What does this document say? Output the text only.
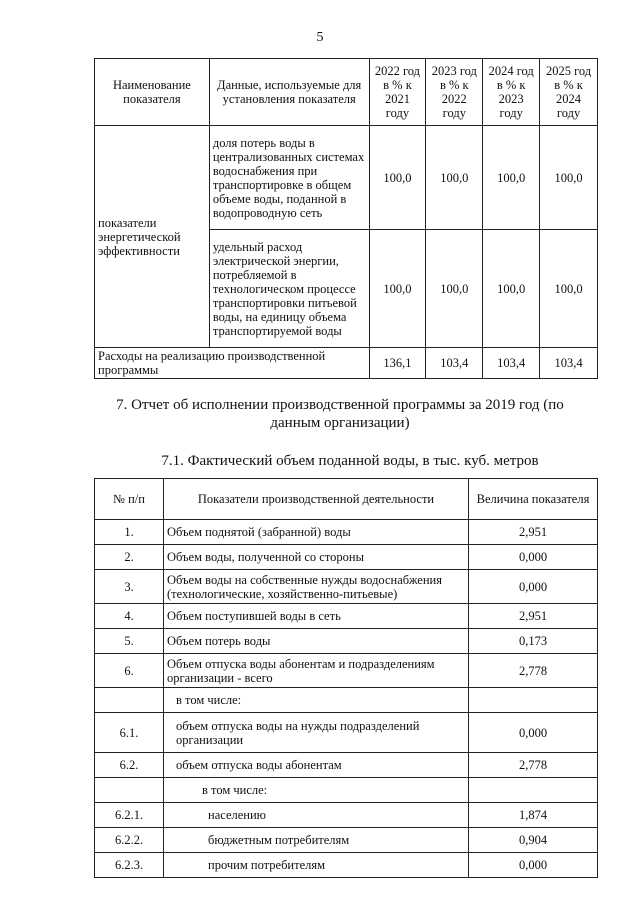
5
Наименование показателя	Данные, используемые для установления показателя	2022 год в % к 2021 году	2023 год в % к 2022 году	2024 год в % к 2023 году	2025 год в % к 2024 году
показатели энергетической эффективности	доля потерь воды в централизованных системах водоснабжения при транспортировке в общем объеме воды, поданной в водопроводную сеть	100,0	100,0	100,0	100,0
	удельный расход электрической энергии, потребляемой в технологическом процессе транспортировки питьевой воды, на единицу объема транспортируемой воды	100,0	100,0	100,0	100,0
Расходы на реализацию производственной программы		136,1	103,4	103,4	103,4
7. Отчет об исполнении производственной программы за 2019 год (по данным организации)
7.1. Фактический объем поданной воды, в тыс. куб. метров
№ п/п	Показатели производственной деятельности	Величина показателя
1.	Объем поднятой (забранной) воды	2,951
2.	Объем воды, полученной со стороны	0,000
3.	Объем воды на собственные нужды водоснабжения (технологические, хозяйственно-питьевые)	0,000
4.	Объем поступившей воды в сеть	2,951
5.	Объем потерь воды	0,173
6.	Объем отпуска воды абонентам и подразделениям организации - всего	2,778
	в том числе:	
6.1.	объем отпуска воды на нужды подразделений организации	0,000
6.2.	объем отпуска воды абонентам	2,778
	в том числе:	
6.2.1.	населению	1,874
6.2.2.	бюджетным потребителям	0,904
6.2.3.	прочим потребителям	0,000
